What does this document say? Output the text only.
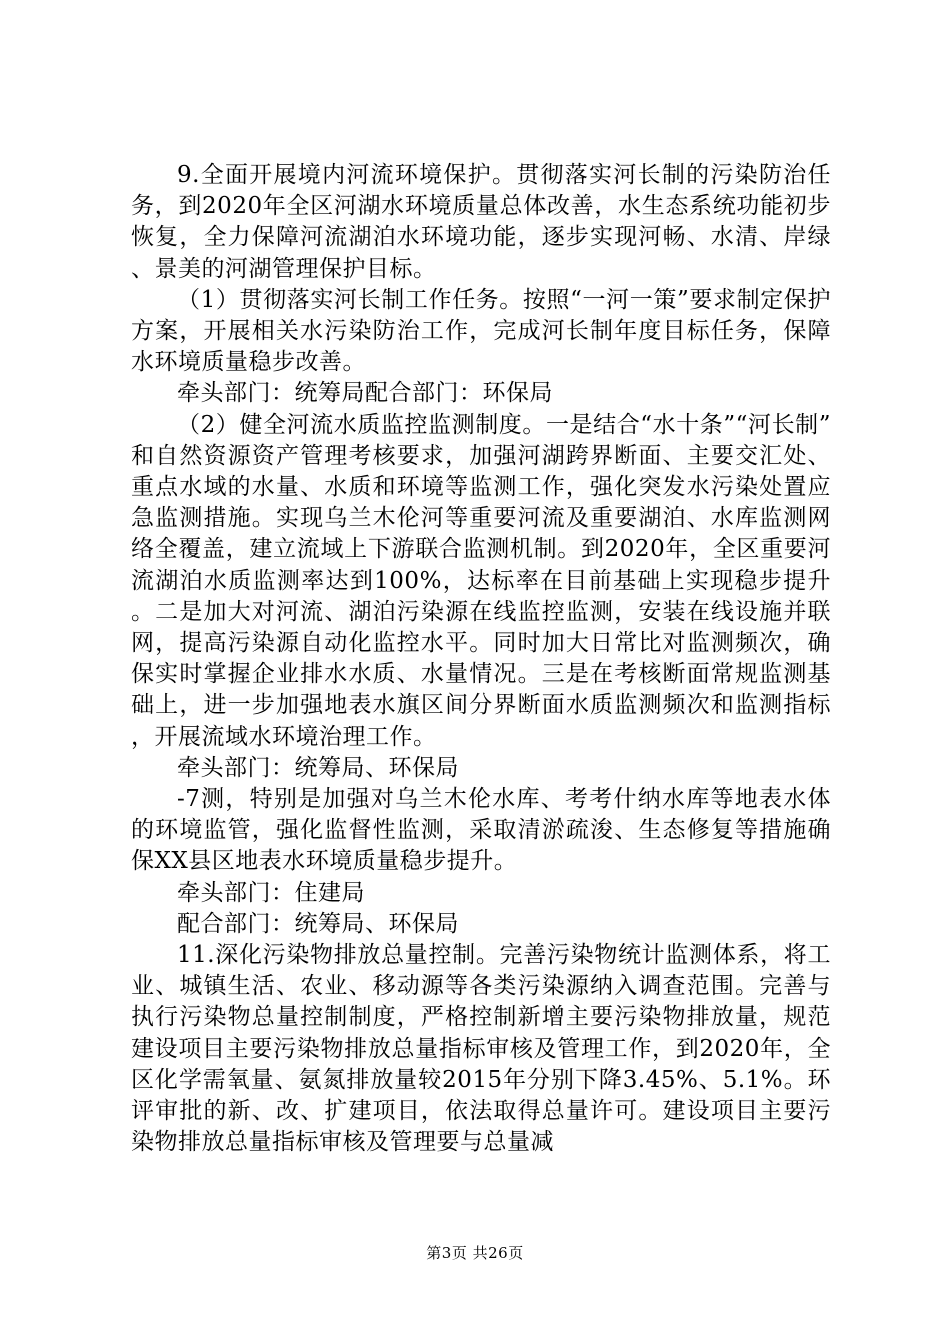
9.全面开展境内河流环境保护。贯彻落实河长制的污染防治任务，到2020年全区河湖水环境质量总体改善，水生态系统功能初步恢复，全力保障河流湖泊水环境功能，逐步实现河畅、水清、岸绿、景美的河湖管理保护目标。

（1）贯彻落实河长制工作任务。按照“一河一策”要求制定保护方案，开展相关水污染防治工作，完成河长制年度目标任务，保障水环境质量稳步改善。

牵头部门：统筹局配合部门：环保局

（2）健全河流水质监控监测制度。一是结合“水十条”“河长制”和自然资源资产管理考核要求，加强河湖跨界断面、主要交汇处、重点水域的水量、水质和环境等监测工作，强化突发水污染处置应急监测措施。实现乌兰木伦河等重要河流及重要湖泊、水库监测网络全覆盖，建立流域上下游联合监测机制。到2020年，全区重要河流湖泊水质监测率达到100%，达标率在目前基础上实现稳步提升。二是加大对河流、湖泊污染源在线监控监测，安装在线设施并联网，提高污染源自动化监控水平。同时加大日常比对监测频次，确保实时掌握企业排水水质、水量情况。三是在考核断面常规监测基础上，进一步加强地表水旗区间分界断面水质监测频次和监测指标，开展流域水环境治理工作。

牵头部门：统筹局、环保局

-7测，特别是加强对乌兰木伦水库、考考什纳水库等地表水体的环境监管，强化监督性监测，采取清淤疏浚、生态修复等措施确保XX县区地表水环境质量稳步提升。

牵头部门：住建局

配合部门：统筹局、环保局

11.深化污染物排放总量控制。完善污染物统计监测体系，将工业、城镇生活、农业、移动源等各类污染源纳入调查范围。完善与执行污染物总量控制制度，严格控制新增主要污染物排放量，规范建设项目主要污染物排放总量指标审核及管理工作，到2020年，全区化学需氧量、氨氮排放量较2015年分别下降3.45%、5.1%。环评审批的新、改、扩建项目，依法取得总量许可。建设项目主要污染物排放总量指标审核及管理要与总量减

第3页 共26页
